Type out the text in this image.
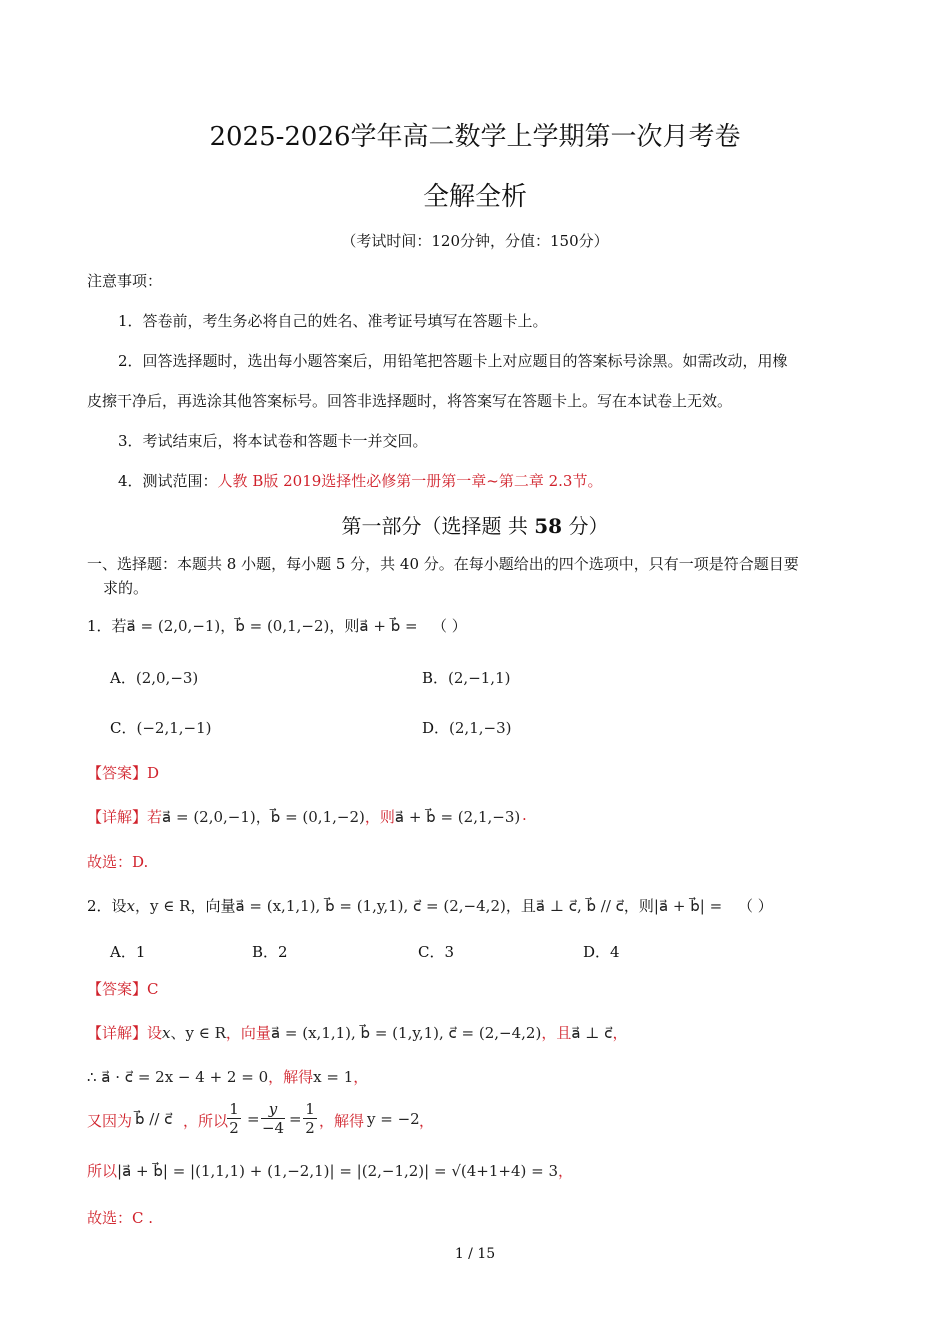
2025-2026学年高二数学上学期第一次月考卷
全解全析
（考试时间：120分钟，分值：150分）
注意事项：
1．答卷前，考生务必将自己的姓名、准考证号填写在答题卡上。
2．回答选择题时，选出每小题答案后，用铅笔把答题卡上对应题目的答案标号涂黑。如需改动，用橡
皮擦干净后，再选涂其他答案标号。回答非选择题时，将答案写在答题卡上。写在本试卷上无效。
3．考试结束后，将本试卷和答题卡一并交回。
4．测试范围：人教 B版 2019选择性必修第一册第一章~第二章 2.3节。
第一部分（选择题 共 58 分）
一、选择题：本题共 8 小题，每小题 5 分，共 40 分。在每小题给出的四个选项中，只有一项是符合题目要
求的。
1．若a⃗ = (2,0,−1)，b⃗ = (0,1,−2)，则a⃗ + b⃗ = （ ）
A．(2,0,−3)	B．(2,−1,1)
C．(−2,1,−1)	D．(2,1,−3)
【答案】D
【详解】若a⃗ = (2,0,−1)，b⃗ = (0,1,−2)，则a⃗ + b⃗ = (2,1,−3) .
故选：D.
2．设x，y ∈ R，向量a⃗ = (x,1,1), b⃗ = (1,y,1), c⃗ = (2,−4,2)，且a⃗ ⊥ c⃗, b⃗ // c⃗，则|a⃗ + b⃗| = （ ）
A．1	B．2	C．3	D．4
【答案】C
【详解】设x、y ∈ R，向量a⃗ = (x,1,1), b⃗ = (1,y,1), c⃗ = (2,−4,2)，且a⃗ ⊥ c⃗，
∴ a⃗ · c⃗ = 2x − 4 + 2 = 0，解得x = 1，
又因为 b⃗ // c⃗ ，所以
$\frac{1}{2} = \frac{y}{-4} = \frac{1}{2}$ ，解得 y = −2 ，
所以|a⃗ + b⃗| = |(1,1,1) + (1,−2,1)| = |(2,−1,2)| = √(4+1+4) = 3，
故选：C .
1 / 15
